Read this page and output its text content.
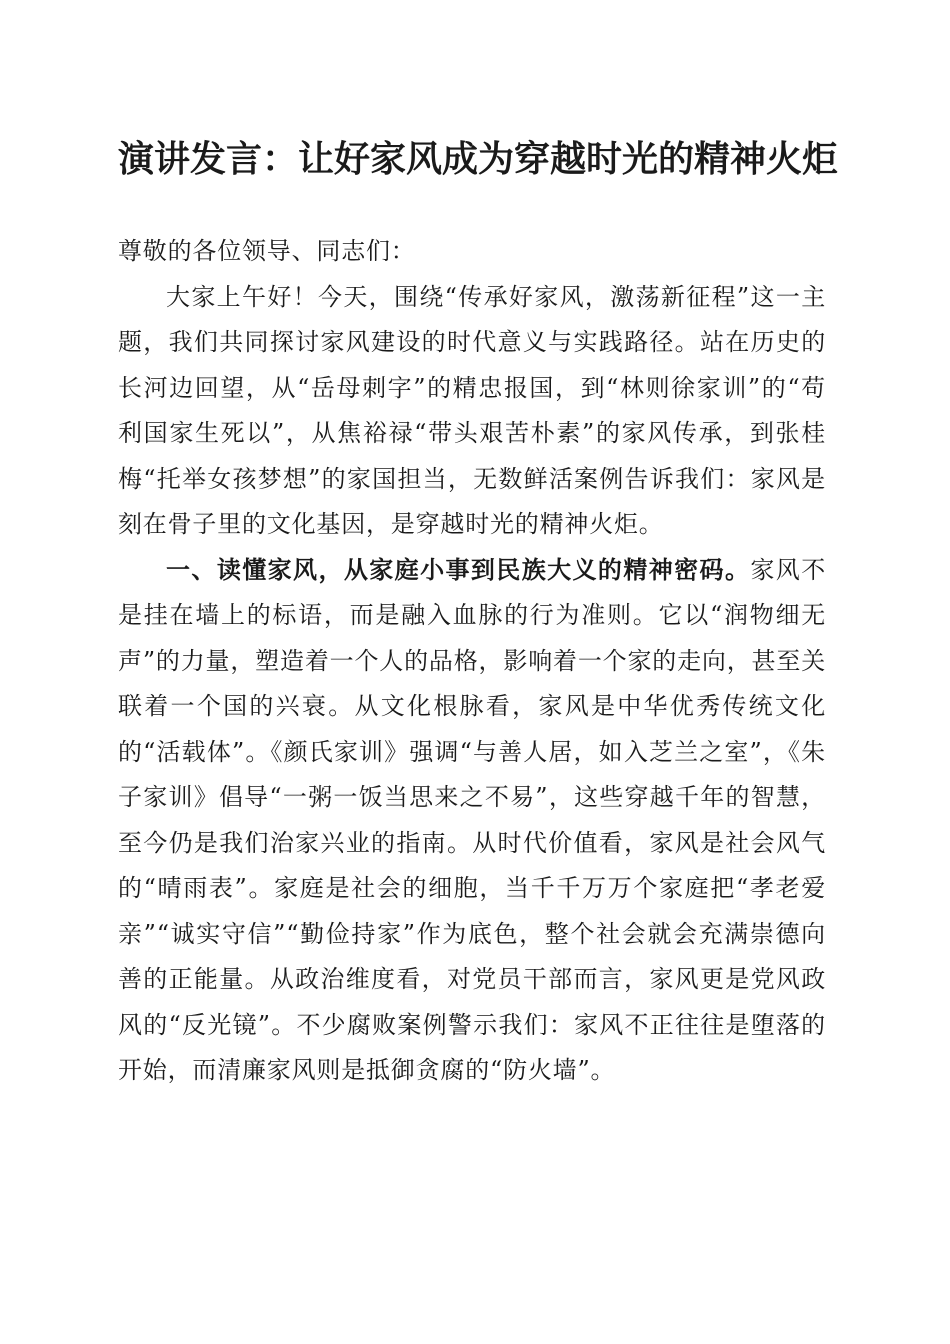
演讲发言：让好家风成为穿越时光的精神火炬

尊敬的各位领导、同志们：

大家上午好！今天，围绕“传承好家风，激荡新征程”这一主题，我们共同探讨家风建设的时代意义与实践路径。站在历史的长河边回望，从“岳母刺字”的精忠报国，到“林则徐家训”的“苟利国家生死以”，从焦裕禄“带头艰苦朴素”的家风传承，到张桂梅“托举女孩梦想”的家国担当，无数鲜活案例告诉我们：家风是刻在骨子里的文化基因，是穿越时光的精神火炬。

一、读懂家风，从家庭小事到民族大义的精神密码。家风不是挂在墙上的标语，而是融入血脉的行为准则。它以“润物细无声”的力量，塑造着一个人的品格，影响着一个家的走向，甚至关联着一个国的兴衰。从文化根脉看，家风是中华优秀传统文化的“活载体”。《颜氏家训》强调“与善人居，如入芝兰之室”，《朱子家训》倡导“一粥一饭当思来之不易”，这些穿越千年的智慧，至今仍是我们治家兴业的指南。从时代价值看，家风是社会风气的“晴雨表”。家庭是社会的细胞，当千千万万个家庭把“孝老爱亲”“诚实守信”“勤俭持家”作为底色，整个社会就会充满崇德向善的正能量。从政治维度看，对党员干部而言，家风更是党风政风的“反光镜”。不少腐败案例警示我们：家风不正往往是堕落的开始，而清廉家风则是抵御贪腐的“防火墙”。
